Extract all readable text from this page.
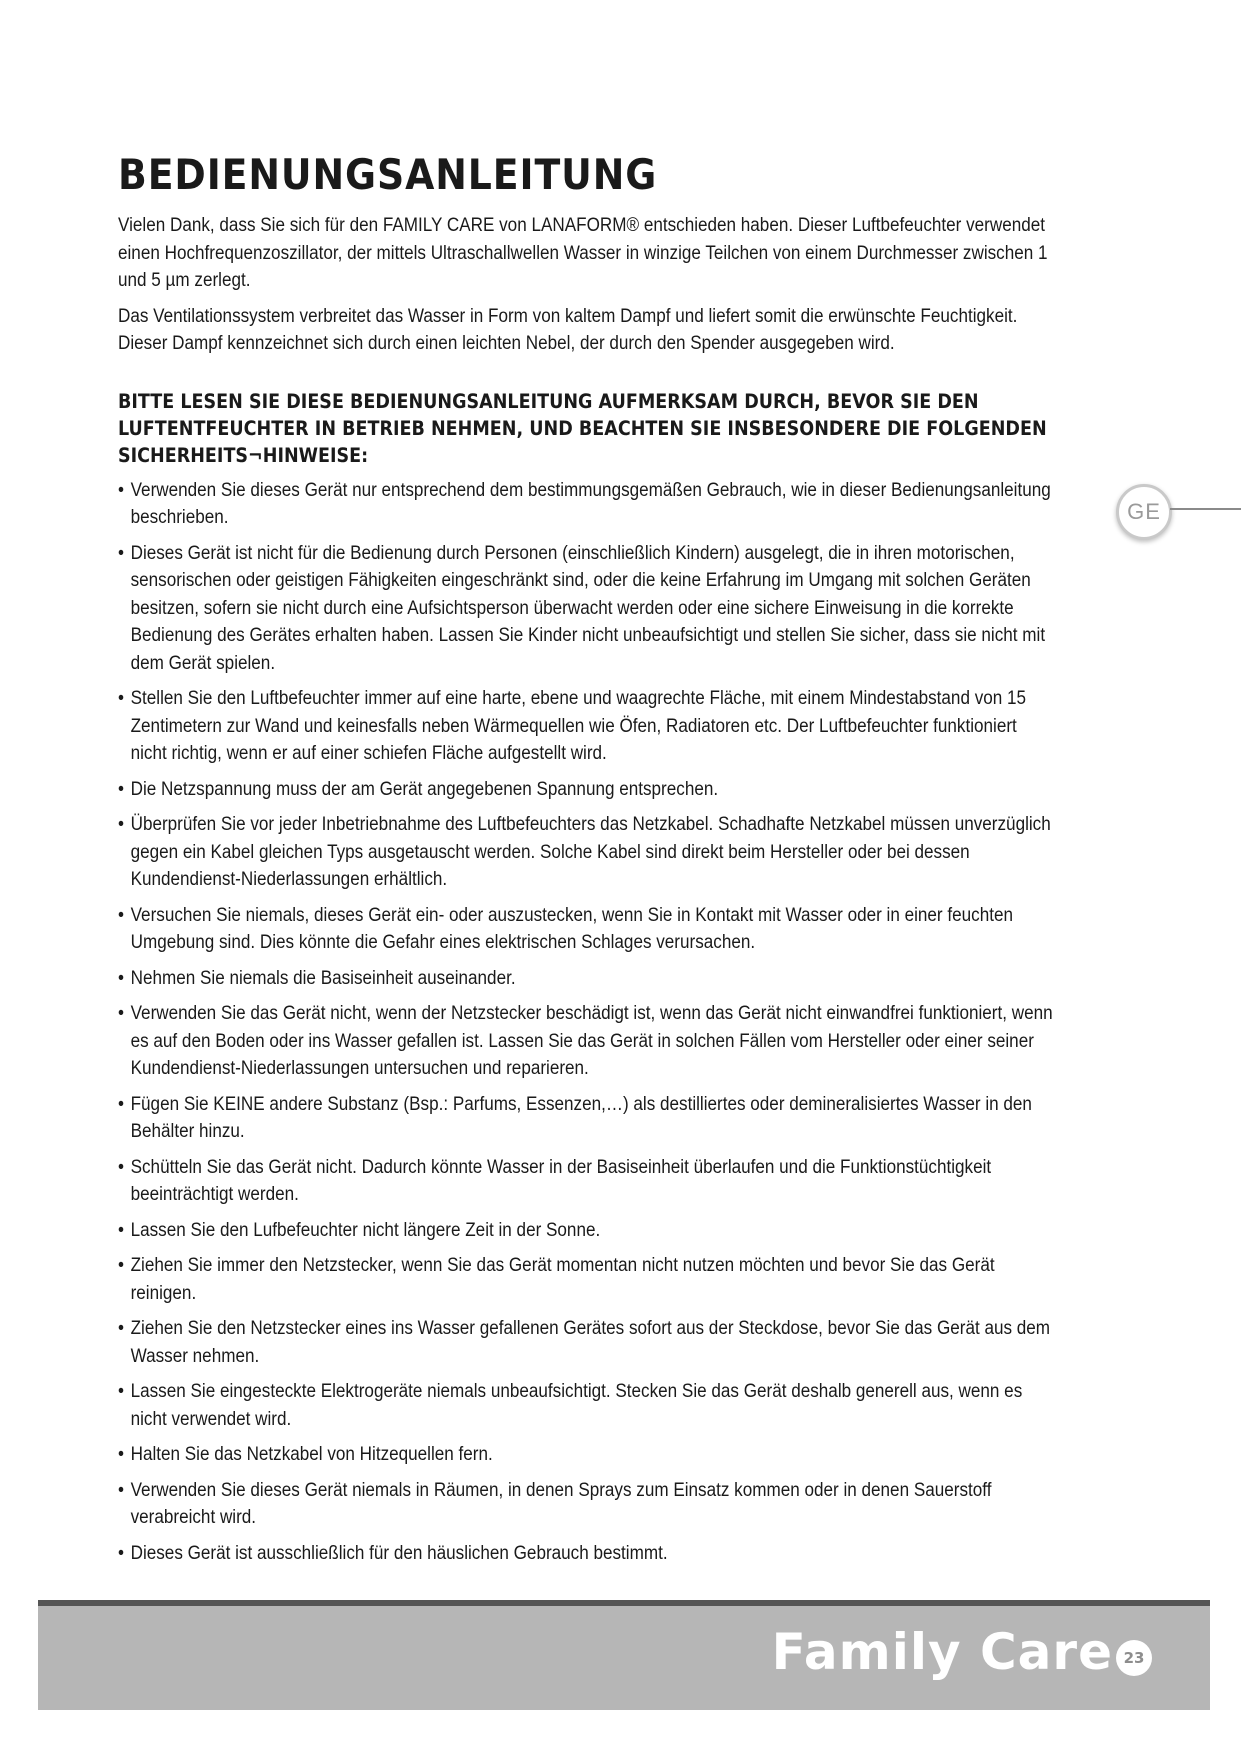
BEDIENUNGSANLEITUNG

Vielen Dank, dass Sie sich für den FAMILY CARE von LANAFORM® entschieden haben. Dieser Luftbefeuchter verwendet einen Hochfrequenzoszillator, der mittels Ultraschallwellen Wasser in winzige Teilchen von einem Durchmesser zwischen 1 und 5 µm zerlegt.

Das Ventilationssystem verbreitet das Wasser in Form von kaltem Dampf und liefert somit die erwünschte Feuchtigkeit. Dieser Dampf kennzeichnet sich durch einen leichten Nebel, der durch den Spender ausgegeben wird.

BITTE LESEN SIE DIESE BEDIENUNGSANLEITUNG AUFMERKSAM DURCH, BEVOR SIE DEN LUFTENTFEUCHTER IN BETRIEB NEHMEN, UND BEACHTEN SIE INSBESONDERE DIE FOLGENDEN SICHERHEITS¬HINWEISE:
• Verwenden Sie dieses Gerät nur entsprechend dem bestimmungsgemäßen Gebrauch, wie in dieser Bedienungsanleitung beschrieben.
• Dieses Gerät ist nicht für die Bedienung durch Personen (einschließlich Kindern) ausgelegt, die in ihren motorischen, sensorischen oder geistigen Fähigkeiten eingeschränkt sind, oder die keine Erfahrung im Umgang mit solchen Geräten besitzen, sofern sie nicht durch eine Aufsichtsperson überwacht werden oder eine sichere Einweisung in die korrekte Bedienung des Gerätes erhalten haben. Lassen Sie Kinder nicht unbeaufsichtigt und stellen Sie sicher, dass sie nicht mit dem Gerät spielen.
• Stellen Sie den Luftbefeuchter immer auf eine harte, ebene und waagrechte Fläche, mit einem Mindestabstand von 15 Zentimetern zur Wand und keinesfalls neben Wärmequellen wie Öfen, Radiatoren etc. Der Luftbefeuchter funktioniert nicht richtig, wenn er auf einer schiefen Fläche aufgestellt wird.
• Die Netzspannung muss der am Gerät angegebenen Spannung entsprechen.
• Überprüfen Sie vor jeder Inbetriebnahme des Luftbefeuchters das Netzkabel. Schadhafte Netzkabel müssen unverzüglich gegen ein Kabel gleichen Typs ausgetauscht werden. Solche Kabel sind direkt beim Hersteller oder bei dessen Kundendienst-Niederlassungen erhältlich.
• Versuchen Sie niemals, dieses Gerät ein- oder auszustecken, wenn Sie in Kontakt mit Wasser oder in einer feuchten Umgebung sind. Dies könnte die Gefahr eines elektrischen Schlages verursachen.
• Nehmen Sie niemals die Basiseinheit auseinander.
• Verwenden Sie das Gerät nicht, wenn der Netzstecker beschädigt ist, wenn das Gerät nicht einwandfrei funktioniert, wenn es auf den Boden oder ins Wasser gefallen ist. Lassen Sie das Gerät in solchen Fällen vom Hersteller oder einer seiner Kundendienst-Niederlassungen untersuchen und reparieren.
• Fügen Sie KEINE andere Substanz (Bsp.: Parfums, Essenzen,…) als destilliertes oder demineralisiertes Wasser in den Behälter hinzu.
• Schütteln Sie das Gerät nicht. Dadurch könnte Wasser in der Basiseinheit überlaufen und die Funktionstüchtigkeit beeinträchtigt werden.
• Lassen Sie den Lufbefeuchter nicht längere Zeit in der Sonne.
• Ziehen Sie immer den Netzstecker, wenn Sie das Gerät momentan nicht nutzen möchten und bevor Sie das Gerät reinigen.
• Ziehen Sie den Netzstecker eines ins Wasser gefallenen Gerätes sofort aus der Steckdose, bevor Sie das Gerät aus dem Wasser nehmen.
• Lassen Sie eingesteckte Elektrogeräte niemals unbeaufsichtigt. Stecken Sie das Gerät deshalb generell aus, wenn es nicht verwendet wird.
• Halten Sie das Netzkabel von Hitzequellen fern.
• Verwenden Sie dieses Gerät niemals in Räumen, in denen Sprays zum Einsatz kommen oder in denen Sauerstoff verabreicht wird.
• Dieses Gerät ist ausschließlich für den häuslichen Gebrauch bestimmt.
GE
Family Care 23
